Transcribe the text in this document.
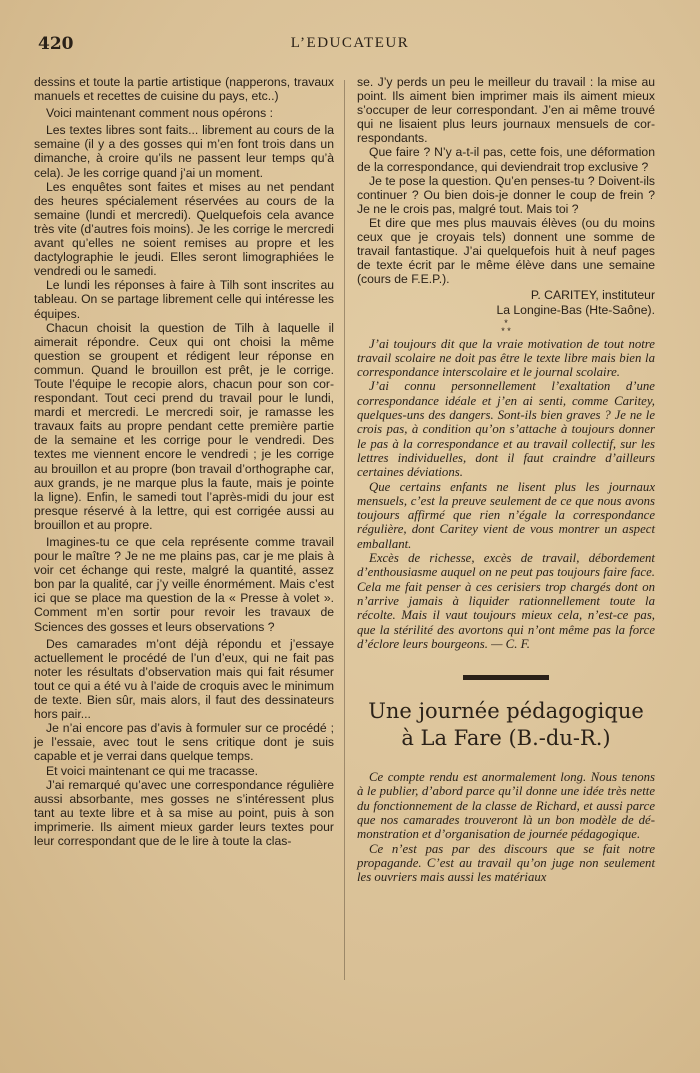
420	L’EDUCATEUR

dessins et toute la partie artistique (napperons, travaux manuels et recettes de cuisine du pays, etc..)

Voici maintenant comment nous opérons :

Les textes libres sont faits... librement au cours de la semaine (il y a des gosses qui m’en font trois dans un dimanche, à croire qu’ils ne passent leur temps qu’à cela). Je les corrige quand j’ai un moment.

Les enquêtes sont faites et mises au net pendant des heures spécialement réservées au cours de la semaine (lundi et mercredi). Quelquefois cela avance très vite (d’autres fois moins). Je les corrige le mercredi avant qu’elles ne soient remises au propre et les dactylographie le jeudi. Elles seront limographiées le vendredi ou le samedi.

Le lundi les réponses à faire à Tilh sont inscrites au tableau. On se partage librement celle qui intéresse les équipes.

Chacun choisit la question de Tilh à laquelle il aimerait répondre. Ceux qui ont choisi la même question se groupent et rédigent leur réponse en commun. Quand le brouillon est prêt, je le corrige. Toute l’équipe le recopie alors, chacun pour son correspondant. Tout ceci prend du travail pour le lundi, mardi et mercredi. Le mercredi soir, je ramasse les travaux faits au propre pendant cette première partie de la semaine et les corrige pour le vendredi. Des textes me viennent encore le vendredi ; je les corrige au brouillon et au propre (bon travail d’orthographe car, aux grands, je ne marque plus la faute, mais je pointe la ligne). Enfin, le samedi tout l’après-midi du jour est presque réservé à la lettre, qui est corrigée aussi au brouillon et au propre.

Imagines-tu ce que cela représente comme travail pour le maître ? Je ne me plains pas, car je me plais à voir cet échange qui reste, malgré la quantité, assez bon par la qualité, car j’y veille énormément. Mais c’est ici que se place ma question de la « Presse à volet ». Comment m’en sortir pour revoir les travaux de Sciences des gosses et leurs observations ?

Des camarades m’ont déjà répondu et j’essaye actuellement le procédé de l’un d’eux, qui ne fait pas noter les résultats d’observation mais qui fait résumer tout ce qui a été vu à l’aide de croquis avec le minimum de texte. Bien sûr, mais alors, il faut des dessinateurs hors pair...

Je n’ai encore pas d’avis à formuler sur ce procédé ; je l’essaie, avec tout le sens critique dont je suis capable et je verrai dans quelque temps.

Et voici maintenant ce qui me tracasse.

J’ai remarqué qu’avec une correspondance régulière aussi absorbante, mes gosses ne s’intéressent plus tant au texte libre et à sa mise au point, puis à son imprimerie. Ils aiment mieux garder leurs textes pour leur correspondant que de le lire à toute la clas-

se. J’y perds un peu le meilleur du travail : la mise au point. Ils aiment bien imprimer mais ils aiment mieux s’occuper de leur correspondant. J’en ai même trouvé qui ne lisaient plus leurs journaux mensuels de correspondants.

Que faire ? N’y a-t-il pas, cette fois, une déformation de la correspondance, qui deviendrait trop exclusive ?

Je te pose la question. Qu’en penses-tu ? Doivent-ils continuer ? Ou bien dois-je donner le coup de frein ? Je ne le crois pas, malgré tout. Mais toi ?

Et dire que mes plus mauvais élèves (ou du moins ceux que je croyais tels) donnent une somme de travail fantastique. J’ai quelquefois huit à neuf pages de texte écrit par le même élève dans une semaine (cours de F.E.P.).

P. CARITEY, instituteur
La Longine-Bas (Hte-Saône).
*
* *

J’ai toujours dit que la vraie motivation de tout notre travail scolaire ne doit pas être le texte libre mais bien la correspondance interscolaire et le journal scolaire.

J’ai connu personnellement l’exaltation d’une correspondance idéale et j’en ai senti, comme Caritey, quelques-uns des dangers. Sont-ils bien graves ? Je ne le crois pas, à condition qu’on s’attache à toujours donner le pas à la correspondance et au travail collectif, sur les lettres individuelles, dont il faut craindre d’ailleurs certaines déviations.

Que certains enfants ne lisent plus les journaux mensuels, c’est la preuve seulement de ce que nous avons toujours affirmé que rien n’égale la correspondance régulière, dont Caritey vient de vous montrer un aspect emballant.

Excès de richesse, excès de travail, débordement d’enthousiasme auquel on ne peut pas toujours faire face. Cela me fait penser à ces cerisiers trop chargés dont on n’arrive jamais à liquider rationnellement toute la récolte. Mais il vaut toujours mieux cela, n’est-ce pas, que la stérilité des avortons qui n’ont même pas la force d’éclore leurs bourgeons. — C. F.

Une journée pédagogique
à La Fare (B.-du-R.)

Ce compte rendu est anormalement long. Nous tenons à le publier, d’abord parce qu’il donne une idée très nette du fonctionnement de la classe de Richard, et aussi parce que nos camarades trouveront là un bon modèle de démonstration et d’organisation de journée pédagogique.

Ce n’est pas par des discours que se fait notre propagande. C’est au travail qu’on juge non seulement les ouvriers mais aussi les matériaux
